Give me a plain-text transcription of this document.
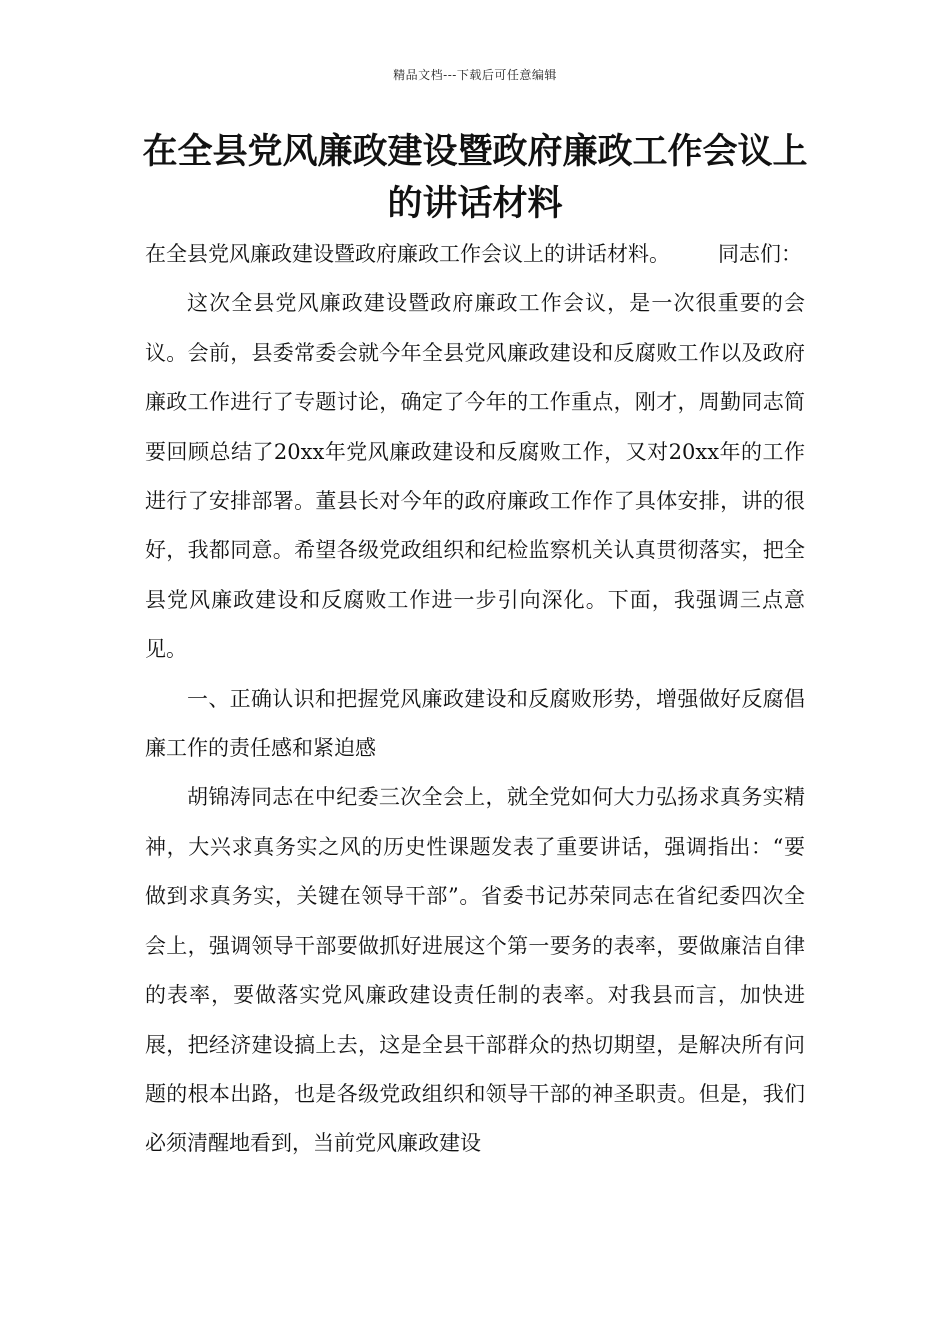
精品文档---下载后可任意编辑
在全县党风廉政建设暨政府廉政工作会议上的讲话材料

在全县党风廉政建设暨政府廉政工作会议上的讲话材料。 同志们：

这次全县党风廉政建设暨政府廉政工作会议，是一次很重要的会议。会前，县委常委会就今年全县党风廉政建设和反腐败工作以及政府廉政工作进行了专题讨论，确定了今年的工作重点，刚才，周勤同志简要回顾总结了20xx年党风廉政建设和反腐败工作，又对20xx年的工作进行了安排部署。董县长对今年的政府廉政工作作了具体安排，讲的很好，我都同意。希望各级党政组织和纪检监察机关认真贯彻落实，把全县党风廉政建设和反腐败工作进一步引向深化。下面，我强调三点意见。

一、正确认识和把握党风廉政建设和反腐败形势，增强做好反腐倡廉工作的责任感和紧迫感

胡锦涛同志在中纪委三次全会上，就全党如何大力弘扬求真务实精神，大兴求真务实之风的历史性课题发表了重要讲话，强调指出：“要做到求真务实，关键在领导干部”。省委书记苏荣同志在省纪委四次全会上，强调领导干部要做抓好进展这个第一要务的表率，要做廉洁自律的表率，要做落实党风廉政建设责任制的表率。对我县而言，加快进展，把经济建设搞上去，这是全县干部群众的热切期望，是解决所有问题的根本出路，也是各级党政组织和领导干部的神圣职责。但是，我们必须清醒地看到，当前党风廉政建设
